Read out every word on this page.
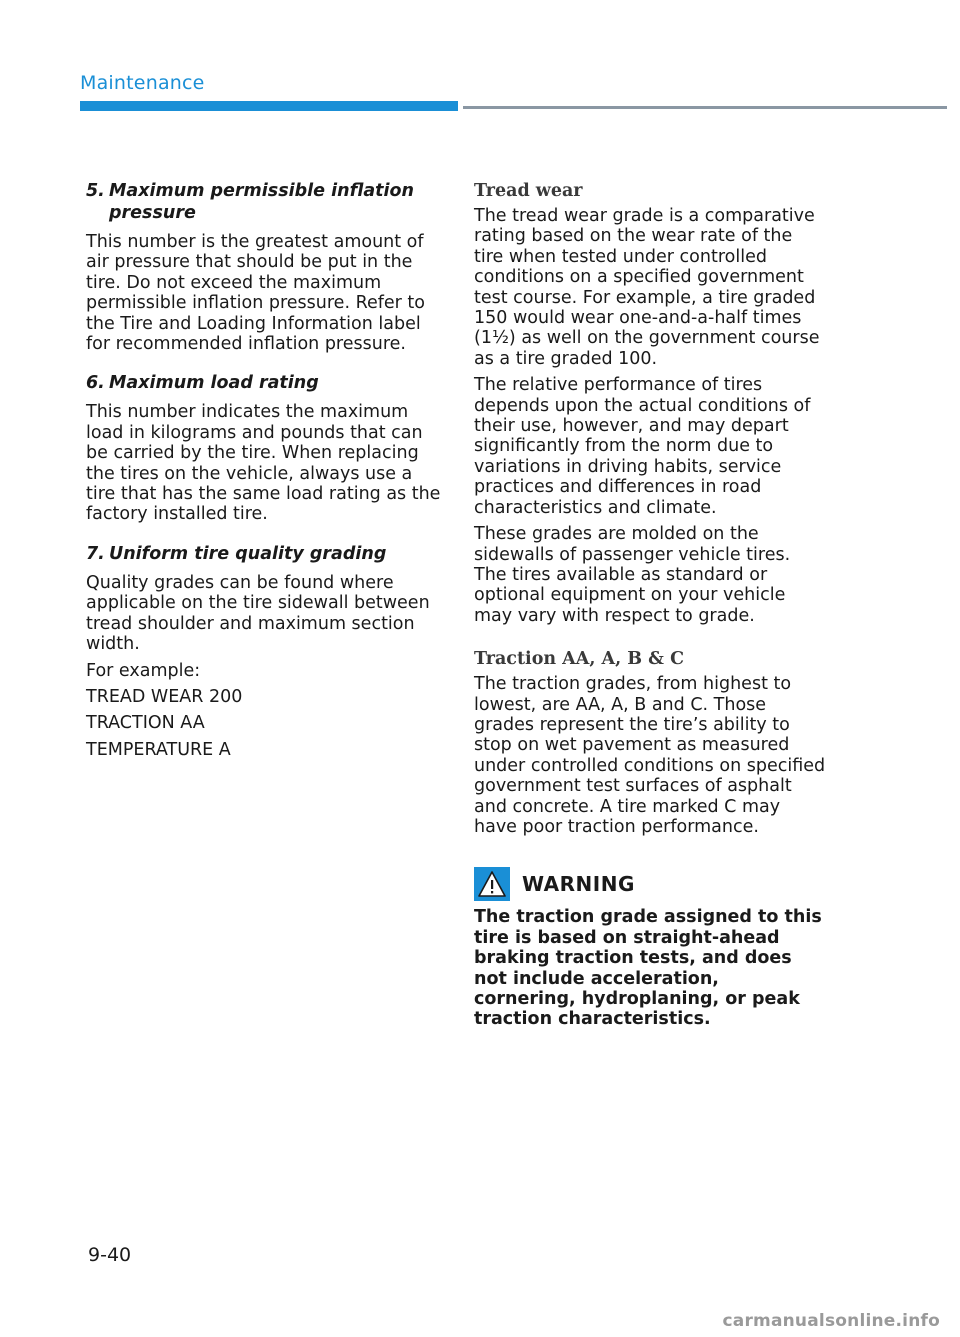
Maintenance
5. Maximum permissible inflation pressure

This number is the greatest amount of air pressure that should be put in the tire. Do not exceed the maximum permissible inflation pressure. Refer to the Tire and Loading Information label for recommended inflation pressure.

6. Maximum load rating

This number indicates the maximum load in kilograms and pounds that can be carried by the tire. When replacing the tires on the vehicle, always use a tire that has the same load rating as the factory installed tire.

7. Uniform tire quality grading

Quality grades can be found where applicable on the tire sidewall between tread shoulder and maximum section width.

For example:

TREAD WEAR 200

TRACTION AA

TEMPERATURE A

Tread wear

The tread wear grade is a comparative rating based on the wear rate of the tire when tested under controlled conditions on a specified government test course. For example, a tire graded 150 would wear one-and-a-half times (1½) as well on the government course as a tire graded 100.

The relative performance of tires depends upon the actual conditions of their use, however, and may depart significantly from the norm due to variations in driving habits, service practices and differences in road characteristics and climate.

These grades are molded on the sidewalls of passenger vehicle tires. The tires available as standard or optional equipment on your vehicle may vary with respect to grade.

Traction AA, A, B & C

The traction grades, from highest to lowest, are AA, A, B and C. Those grades represent the tire’s ability to stop on wet pavement as measured under controlled conditions on specified government test surfaces of asphalt and concrete. A tire marked C may have poor traction performance.

WARNING

The traction grade assigned to this tire is based on straight-ahead braking traction tests, and does not include acceleration, cornering, hydroplaning, or peak traction characteristics.

9-40
carmanualsonline.info
